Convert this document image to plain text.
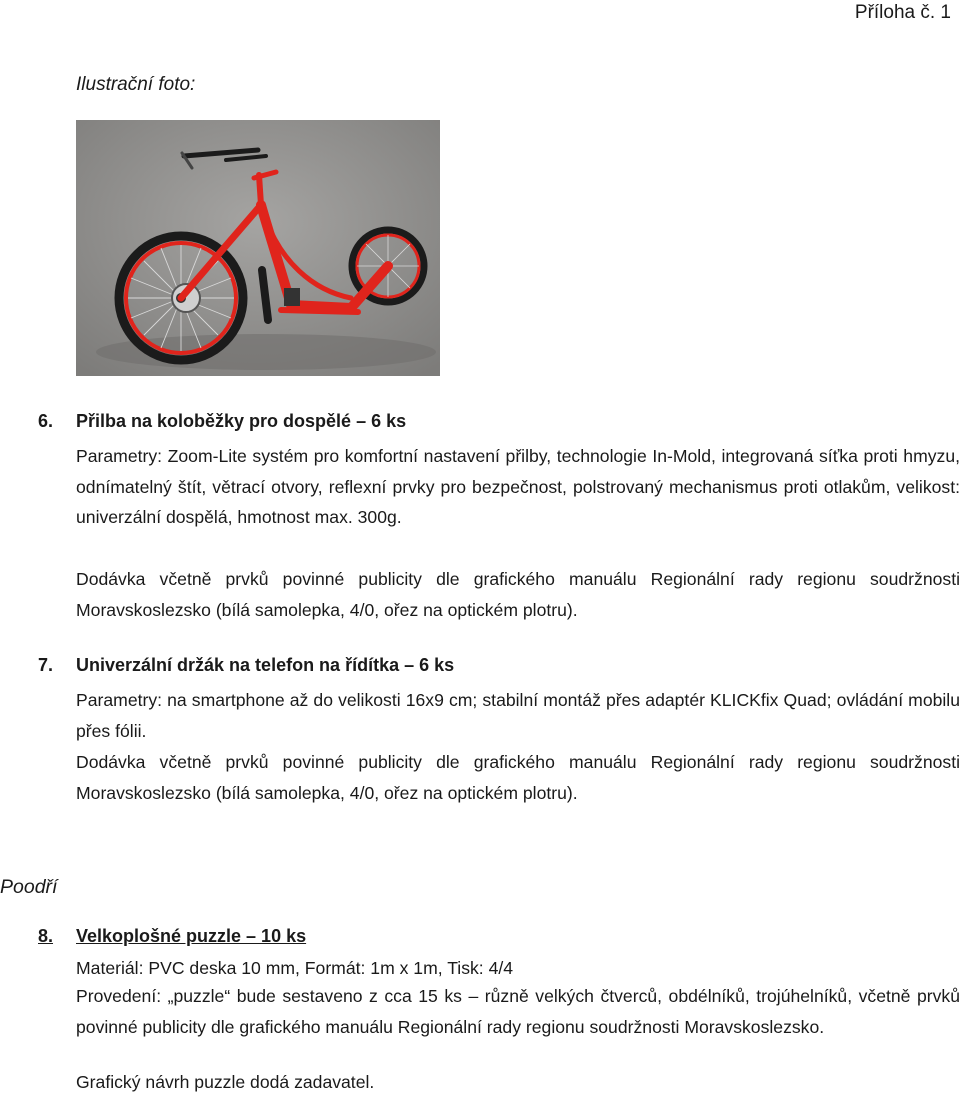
Příloha č. 1
Ilustrační foto:
6. Přilba na koloběžky pro dospělé – 6 ks
Parametry: Zoom-Lite systém pro komfortní nastavení přilby, technologie In-Mold, integrovaná síťka proti hmyzu, odnímatelný štít, větrací otvory, reflexní prvky pro bezpečnost, polstrovaný mechanismus proti otlakům, velikost: univerzální dospělá, hmotnost max. 300g.
Dodávka včetně prvků povinné publicity dle grafického manuálu Regionální rady regionu soudržnosti Moravskoslezsko (bílá samolepka, 4/0, ořez na optickém plotru).
7. Univerzální držák na telefon na řídítka – 6 ks
Parametry: na smartphone až do velikosti 16x9 cm; stabilní montáž přes adaptér KLICKfix Quad; ovládání mobilu přes fólii.
Dodávka včetně prvků povinné publicity dle grafického manuálu Regionální rady regionu soudržnosti Moravskoslezsko (bílá samolepka, 4/0, ořez na optickém plotru).
Poodří
8. Velkoplošné puzzle – 10 ks
Materiál: PVC deska 10 mm, Formát: 1m x 1m, Tisk: 4/4
Provedení: „puzzle“ bude sestaveno z cca 15 ks – různě velkých čtverců, obdélníků, trojúhelníků, včetně prvků povinné publicity dle grafického manuálu Regionální rady regionu soudržnosti Moravskoslezsko.
Grafický návrh puzzle dodá zadavatel.
